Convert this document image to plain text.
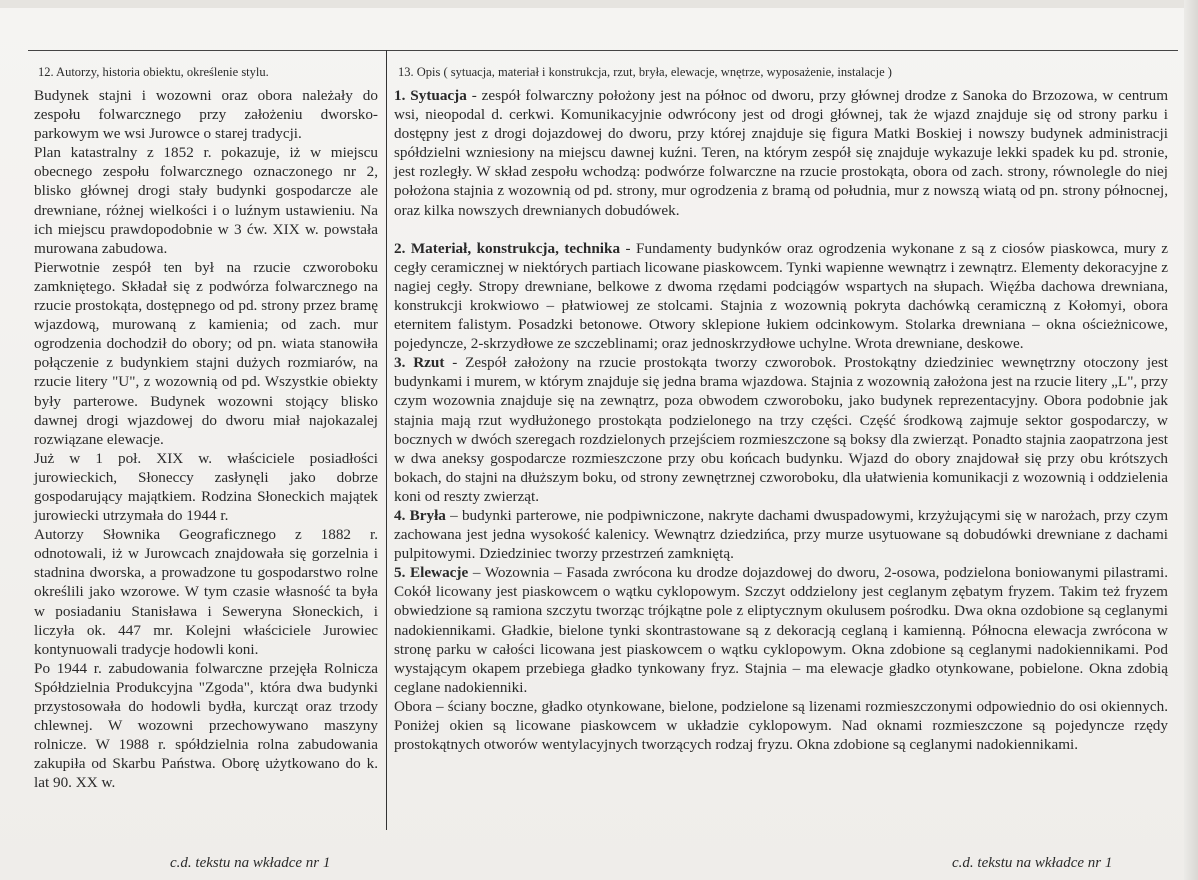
12. Autorzy, historia obiektu, określenie stylu.

Budynek stajni i wozowni oraz obora należały do zespołu folwarcznego przy założeniu dworsko-parkowym we wsi Jurowce o starej tradycji.

Plan katastralny z 1852 r. pokazuje, iż w miejscu obecnego zespołu folwarcznego oznaczonego nr 2, blisko głównej drogi stały budynki gospodarcze ale drewniane, różnej wielkości i o luźnym ustawieniu. Na ich miejscu prawdopodobnie w 3 ćw. XIX w. powstała murowana zabudowa.

Pierwotnie zespół ten był na rzucie czworoboku zamkniętego. Składał się z podwórza folwarcznego na rzucie prostokąta, dostępnego od pd. strony przez bramę wjazdową, murowaną z kamienia; od zach. mur ogrodzenia dochodził do obory; od pn. wiata stanowiła połączenie z budynkiem stajni dużych rozmiarów, na rzucie litery "U", z wozownią od pd. Wszystkie obiekty były parterowe. Budynek wozowni stojący blisko dawnej drogi wjazdowej do dworu miał najokazalej rozwiązane elewacje.

Już w 1 poł. XIX w. właściciele posiadłości jurowieckich, Słoneccy zasłynęli jako dobrze gospodarujący majątkiem. Rodzina Słoneckich majątek jurowiecki utrzymała do 1944 r.

Autorzy Słownika Geograficznego z 1882 r. odnotowali, iż w Jurowcach znajdowała się gorzelnia i stadnina dworska, a prowadzone tu gospodarstwo rolne określili jako wzorowe. W tym czasie własność ta była w posiadaniu Stanisława i Seweryna Słoneckich, i liczyła ok. 447 mr. Kolejni właściciele Jurowiec kontynuowali tradycje hodowli koni.

Po 1944 r. zabudowania folwarczne przejęła Rolnicza Spółdzielnia Produkcyjna "Zgoda", która dwa budynki przystosowała do hodowli bydła, kurcząt oraz trzody chlewnej. W wozowni przechowywano maszyny rolnicze. W 1988 r. spółdzielnia rolna zabudowania zakupiła od Skarbu Państwa. Oborę użytkowano do k. lat 90. XX w.

13. Opis ( sytuacja, materiał i konstrukcja, rzut, bryła, elewacje, wnętrze, wyposażenie, instalacje )

1. Sytuacja - zespół folwarczny położony jest na północ od dworu, przy głównej drodze z Sanoka do Brzozowa, w centrum wsi, nieopodal d. cerkwi. Komunikacyjnie odwrócony jest od drogi głównej, tak że wjazd znajduje się od strony parku i dostępny jest z drogi dojazdowej do dworu, przy której znajduje się figura Matki Boskiej i nowszy budynek administracji spółdzielni wzniesiony na miejscu dawnej kuźni. Teren, na którym zespół się znajduje wykazuje lekki spadek ku pd. stronie, jest rozległy. W skład zespołu wchodzą: podwórze folwarczne na rzucie prostokąta, obora od zach. strony, równolegle do niej położona stajnia z wozownią od pd. strony, mur ogrodzenia z bramą od południa, mur z nowszą wiatą od pn. strony północnej, oraz kilka nowszych drewnianych dobudówek.

2. Materiał, konstrukcja, technika - Fundamenty budynków oraz ogrodzenia wykonane z są z ciosów piaskowca, mury z cegły ceramicznej w niektórych partiach licowane piaskowcem. Tynki wapienne wewnątrz i zewnątrz. Elementy dekoracyjne z nagiej cegły. Stropy drewniane, belkowe z dwoma rzędami podciągów wspartych na słupach. Więźba dachowa drewniana, konstrukcji krokwiowo – płatwiowej ze stolcami. Stajnia z wozownią pokryta dachówką ceramiczną z Kołomyi, obora eternitem falistym. Posadzki betonowe. Otwory sklepione łukiem odcinkowym. Stolarka drewniana – okna ościeżnicowe, pojedyncze, 2-skrzydłowe ze szczeblinami; oraz jednoskrzydłowe uchylne. Wrota drewniane, deskowe.

3. Rzut - Zespół założony na rzucie prostokąta tworzy czworobok. Prostokątny dziedziniec wewnętrzny otoczony jest budynkami i murem, w którym znajduje się jedna brama wjazdowa. Stajnia z wozownią założona jest na rzucie litery „L", przy czym wozownia znajduje się na zewnątrz, poza obwodem czworoboku, jako budynek reprezentacyjny. Obora podobnie jak stajnia mają rzut wydłużonego prostokąta podzielonego na trzy części. Część środkową zajmuje sektor gospodarczy, w bocznych w dwóch szeregach rozdzielonych przejściem rozmieszczone są boksy dla zwierząt. Ponadto stajnia zaopatrzona jest w dwa aneksy gospodarcze rozmieszczone przy obu końcach budynku. Wjazd do obory znajdował się przy obu krótszych bokach, do stajni na dłuższym boku, od strony zewnętrznej czworoboku, dla ułatwienia komunikacji z wozownią i oddzielenia koni od reszty zwierząt.

4. Bryła – budynki parterowe, nie podpiwniczone, nakryte dachami dwuspadowymi, krzyżującymi się w narożach, przy czym zachowana jest jedna wysokość kalenicy. Wewnątrz dziedzińca, przy murze usytuowane są dobudówki drewniane z dachami pulpitowymi. Dziedziniec tworzy przestrzeń zamkniętą.

5. Elewacje – Wozownia – Fasada zwrócona ku drodze dojazdowej do dworu, 2-osowa, podzielona boniowanymi pilastrami. Cokół licowany jest piaskowcem o wątku cyklopowym. Szczyt oddzielony jest ceglanym zębatym fryzem. Takim też fryzem obwiedzione są ramiona szczytu tworząc trójkątne pole z eliptycznym okulusem pośrodku. Dwa okna ozdobione są ceglanymi nadokiennikami. Gładkie, bielone tynki skontrastowane są z dekoracją ceglaną i kamienną. Północna elewacja zwrócona w stronę parku w całości licowana jest piaskowcem o wątku cyklopowym. Okna zdobione są ceglanymi nadokiennikami. Pod wystającym okapem przebiega gładko tynkowany fryz. Stajnia – ma elewacje gładko otynkowane, pobielone. Okna zdobią ceglane nadokienniki.

Obora – ściany boczne, gładko otynkowane, bielone, podzielone są lizenami rozmieszczonymi odpowiednio do osi okiennych. Poniżej okien są licowane piaskowcem w układzie cyklopowym. Nad oknami rozmieszczone są pojedyncze rzędy prostokątnych otworów wentylacyjnych tworzących rodzaj fryzu. Okna zdobione są ceglanymi nadokiennikami.

c.d. tekstu na wkładce nr 1	c.d. tekstu na wkładce nr 1
